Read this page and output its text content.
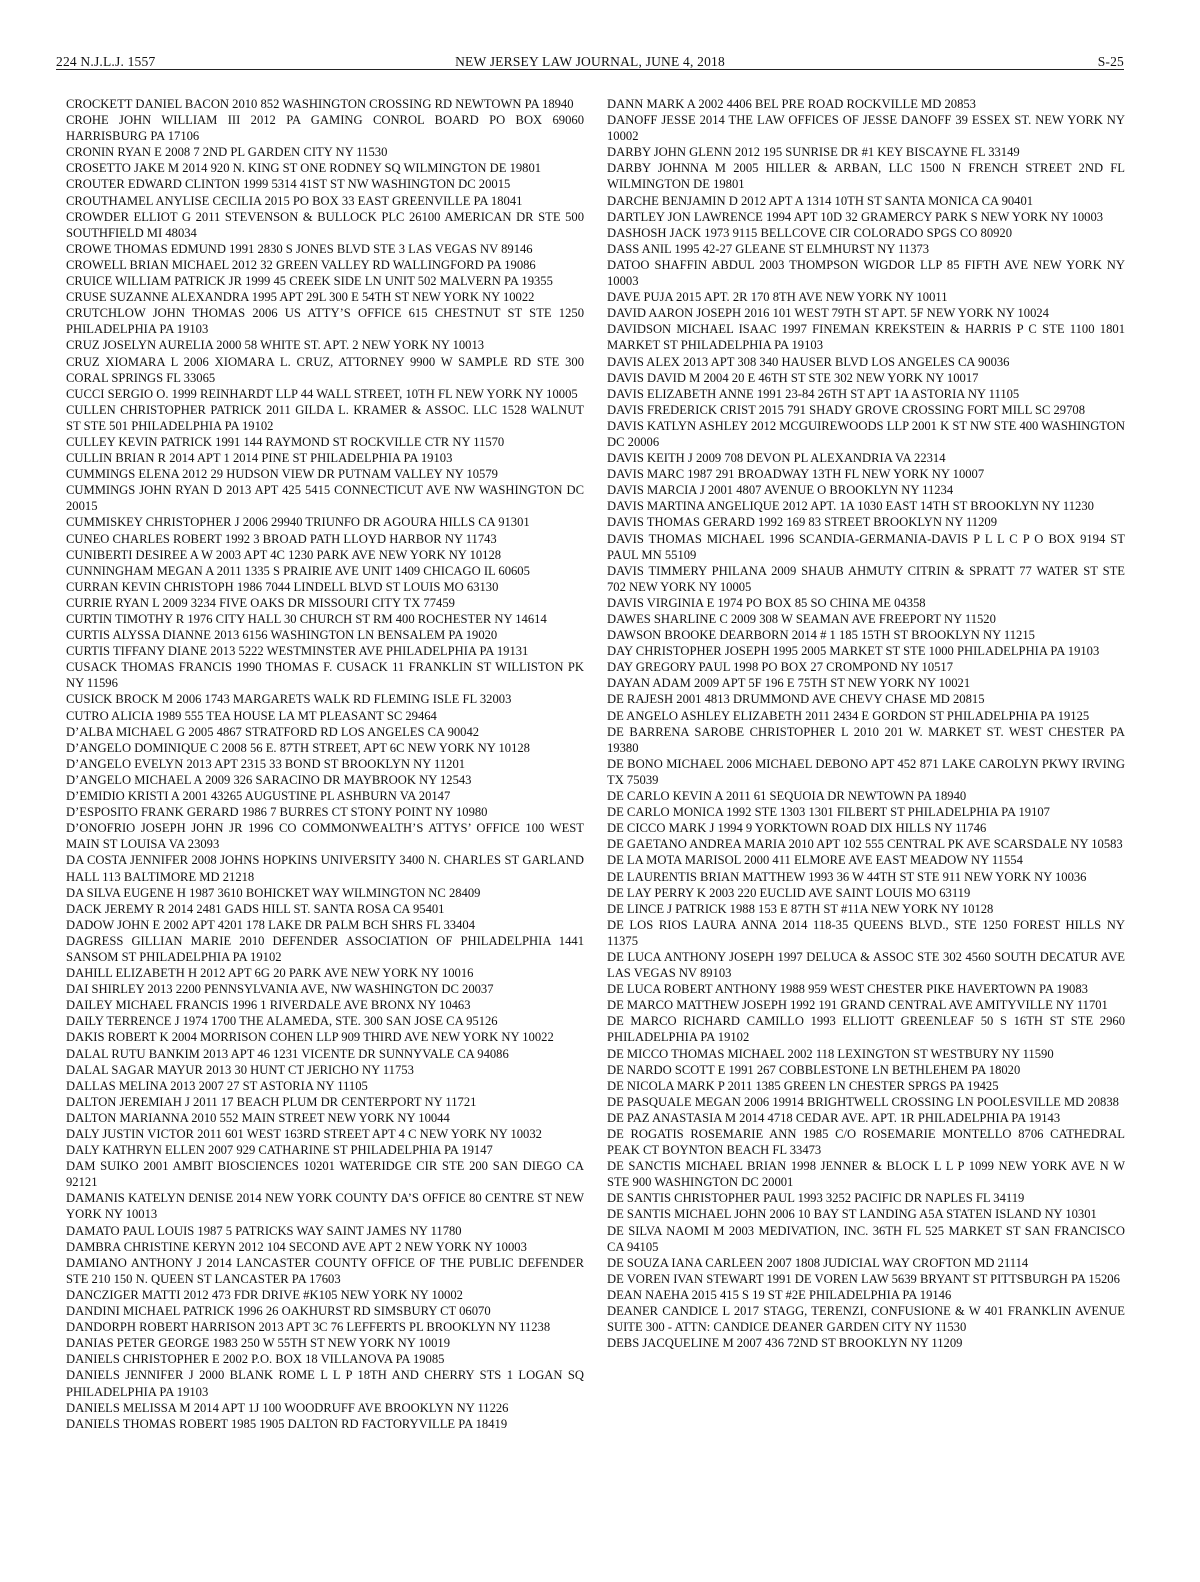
224 N.J.L.J. 1557	NEW JERSEY LAW JOURNAL, JUNE 4, 2018	S-25

CROCKETT DANIEL BACON 2010 852 WASHINGTON CROSSING RD NEWTOWN PA 18940

CROHE JOHN WILLIAM III 2012 PA GAMING CONROL BOARD PO BOX 69060 HARRISBURG PA 17106

CRONIN RYAN E 2008 7 2ND PL GARDEN CITY NY 11530

CROSETTO JAKE M 2014 920 N. KING ST ONE RODNEY SQ WILMINGTON DE 19801

CROUTER EDWARD CLINTON 1999 5314 41ST ST NW WASHINGTON DC 20015

CROUTHAMEL ANYLISE CECILIA 2015 PO BOX 33 EAST GREENVILLE PA 18041

CROWDER ELLIOT G 2011 STEVENSON & BULLOCK PLC 26100 AMERICAN DR STE 500 SOUTHFIELD MI 48034

CROWE THOMAS EDMUND 1991 2830 S JONES BLVD STE 3 LAS VEGAS NV 89146

CROWELL BRIAN MICHAEL 2012 32 GREEN VALLEY RD WALLINGFORD PA 19086

CRUICE WILLIAM PATRICK JR 1999 45 CREEK SIDE LN UNIT 502 MALVERN PA 19355

CRUSE SUZANNE ALEXANDRA 1995 APT 29L 300 E 54TH ST NEW YORK NY 10022

CRUTCHLOW JOHN THOMAS 2006 US ATTY’S OFFICE 615 CHESTNUT ST STE 1250 PHILADELPHIA PA 19103

CRUZ JOSELYN AURELIA 2000 58 WHITE ST. APT. 2 NEW YORK NY 10013

CRUZ XIOMARA L 2006 XIOMARA L. CRUZ, ATTORNEY 9900 W SAMPLE RD STE 300 CORAL SPRINGS FL 33065

CUCCI SERGIO O. 1999 REINHARDT LLP 44 WALL STREET, 10TH FL NEW YORK NY 10005

CULLEN CHRISTOPHER PATRICK 2011 GILDA L. KRAMER & ASSOC. LLC 1528 WALNUT ST STE 501 PHILADELPHIA PA 19102

CULLEY KEVIN PATRICK 1991 144 RAYMOND ST ROCKVILLE CTR NY 11570

CULLIN BRIAN R 2014 APT 1 2014 PINE ST PHILADELPHIA PA 19103

CUMMINGS ELENA 2012 29 HUDSON VIEW DR PUTNAM VALLEY NY 10579

CUMMINGS JOHN RYAN D 2013 APT 425 5415 CONNECTICUT AVE NW WASHINGTON DC 20015

CUMMISKEY CHRISTOPHER J 2006 29940 TRIUNFO DR AGOURA HILLS CA 91301

CUNEO CHARLES ROBERT 1992 3 BROAD PATH LLOYD HARBOR NY 11743

CUNIBERTI DESIREE A W 2003 APT 4C 1230 PARK AVE NEW YORK NY 10128

CUNNINGHAM MEGAN A 2011 1335 S PRAIRIE AVE UNIT 1409 CHICAGO IL 60605

CURRAN KEVIN CHRISTOPH 1986 7044 LINDELL BLVD ST LOUIS MO 63130

CURRIE RYAN L 2009 3234 FIVE OAKS DR MISSOURI CITY TX 77459

CURTIN TIMOTHY R 1976 CITY HALL 30 CHURCH ST RM 400 ROCHESTER NY 14614

CURTIS ALYSSA DIANNE 2013 6156 WASHINGTON LN BENSALEM PA 19020

CURTIS TIFFANY DIANE 2013 5222 WESTMINSTER AVE PHILADELPHIA PA 19131

CUSACK THOMAS FRANCIS 1990 THOMAS F. CUSACK 11 FRANKLIN ST WILLISTON PK NY 11596

CUSICK BROCK M 2006 1743 MARGARETS WALK RD FLEMING ISLE FL 32003

CUTRO ALICIA 1989 555 TEA HOUSE LA MT PLEASANT SC 29464

D’ALBA MICHAEL G 2005 4867 STRATFORD RD LOS ANGELES CA 90042

D’ANGELO DOMINIQUE C 2008 56 E. 87TH STREET, APT 6C NEW YORK NY 10128

D’ANGELO EVELYN 2013 APT 2315 33 BOND ST BROOKLYN NY 11201

D’ANGELO MICHAEL A 2009 326 SARACINO DR MAYBROOK NY 12543

D’EMIDIO KRISTI A 2001 43265 AUGUSTINE PL ASHBURN VA 20147

D’ESPOSITO FRANK GERARD 1986 7 BURRES CT STONY POINT NY 10980

D’ONOFRIO JOSEPH JOHN JR 1996 CO COMMONWEALTH’S ATTYS’ OFFICE 100 WEST MAIN ST LOUISA VA 23093

DA COSTA JENNIFER 2008 JOHNS HOPKINS UNIVERSITY 3400 N. CHARLES ST GARLAND HALL 113 BALTIMORE MD 21218

DA SILVA EUGENE H 1987 3610 BOHICKET WAY WILMINGTON NC 28409

DACK JEREMY R 2014 2481 GADS HILL ST. SANTA ROSA CA 95401

DADOW JOHN E 2002 APT 4201 178 LAKE DR PALM BCH SHRS FL 33404

DAGRESS GILLIAN MARIE 2010 DEFENDER ASSOCIATION OF PHILADELPHIA 1441 SANSOM ST PHILADELPHIA PA 19102

DAHILL ELIZABETH H 2012 APT 6G 20 PARK AVE NEW YORK NY 10016

DAI SHIRLEY 2013 2200 PENNSYLVANIA AVE, NW WASHINGTON DC 20037

DAILEY MICHAEL FRANCIS 1996 1 RIVERDALE AVE BRONX NY 10463

DAILY TERRENCE J 1974 1700 THE ALAMEDA, STE. 300 SAN JOSE CA 95126

DAKIS ROBERT K 2004 MORRISON COHEN LLP 909 THIRD AVE NEW YORK NY 10022

DALAL RUTU BANKIM 2013 APT 46 1231 VICENTE DR SUNNYVALE CA 94086

DALAL SAGAR MAYUR 2013 30 HUNT CT JERICHO NY 11753

DALLAS MELINA 2013 2007 27 ST ASTORIA NY 11105

DALTON JEREMIAH J 2011 17 BEACH PLUM DR CENTERPORT NY 11721

DALTON MARIANNA 2010 552 MAIN STREET NEW YORK NY 10044

DALY JUSTIN VICTOR 2011 601 WEST 163RD STREET APT 4 C NEW YORK NY 10032

DALY KATHRYN ELLEN 2007 929 CATHARINE ST PHILADELPHIA PA 19147

DAM SUIKO 2001 AMBIT BIOSCIENCES 10201 WATERIDGE CIR STE 200 SAN DIEGO CA 92121

DAMANIS KATELYN DENISE 2014 NEW YORK COUNTY DA’S OFFICE 80 CENTRE ST NEW YORK NY 10013

DAMATO PAUL LOUIS 1987 5 PATRICKS WAY SAINT JAMES NY 11780

DAMBRA CHRISTINE KERYN 2012 104 SECOND AVE APT 2 NEW YORK NY 10003

DAMIANO ANTHONY J 2014 LANCASTER COUNTY OFFICE OF THE PUBLIC DEFENDER STE 210 150 N. QUEEN ST LANCASTER PA 17603

DANCZIGER MATTI 2012 473 FDR DRIVE #K105 NEW YORK NY 10002

DANDINI MICHAEL PATRICK 1996 26 OAKHURST RD SIMSBURY CT 06070

DANDORPH ROBERT HARRISON 2013 APT 3C 76 LEFFERTS PL BROOKLYN NY 11238

DANIAS PETER GEORGE 1983 250 W 55TH ST NEW YORK NY 10019

DANIELS CHRISTOPHER E 2002 P.O. BOX 18 VILLANOVA PA 19085

DANIELS JENNIFER J 2000 BLANK ROME L L P 18TH AND CHERRY STS 1 LOGAN SQ PHILADELPHIA PA 19103

DANIELS MELISSA M 2014 APT 1J 100 WOODRUFF AVE BROOKLYN NY 11226

DANIELS THOMAS ROBERT 1985 1905 DALTON RD FACTORYVILLE PA 18419

DANN MARK A 2002 4406 BEL PRE ROAD ROCKVILLE MD 20853

DANOFF JESSE 2014 THE LAW OFFICES OF JESSE DANOFF 39 ESSEX ST. NEW YORK NY 10002

DARBY JOHN GLENN 2012 195 SUNRISE DR #1 KEY BISCAYNE FL 33149

DARBY JOHNNA M 2005 HILLER & ARBAN, LLC 1500 N FRENCH STREET 2ND FL WILMINGTON DE 19801

DARCHE BENJAMIN D 2012 APT A 1314 10TH ST SANTA MONICA CA 90401

DARTLEY JON LAWRENCE 1994 APT 10D 32 GRAMERCY PARK S NEW YORK NY 10003

DASHOSH JACK 1973 9115 BELLCOVE CIR COLORADO SPGS CO 80920

DASS ANIL 1995 42-27 GLEANE ST ELMHURST NY 11373

DATOO SHAFFIN ABDUL 2003 THOMPSON WIGDOR LLP 85 FIFTH AVE NEW YORK NY 10003

DAVE PUJA 2015 APT. 2R 170 8TH AVE NEW YORK NY 10011

DAVID AARON JOSEPH 2016 101 WEST 79TH ST APT. 5F NEW YORK NY 10024

DAVIDSON MICHAEL ISAAC 1997 FINEMAN KREKSTEIN & HARRIS P C STE 1100 1801 MARKET ST PHILADELPHIA PA 19103

DAVIS ALEX 2013 APT 308 340 HAUSER BLVD LOS ANGELES CA 90036

DAVIS DAVID M 2004 20 E 46TH ST STE 302 NEW YORK NY 10017

DAVIS ELIZABETH ANNE 1991 23-84 26TH ST APT 1A ASTORIA NY 11105

DAVIS FREDERICK CRIST 2015 791 SHADY GROVE CROSSING FORT MILL SC 29708

DAVIS KATLYN ASHLEY 2012 MCGUIREWOODS LLP 2001 K ST NW STE 400 WASHINGTON DC 20006

DAVIS KEITH J 2009 708 DEVON PL ALEXANDRIA VA 22314

DAVIS MARC 1987 291 BROADWAY 13TH FL NEW YORK NY 10007

DAVIS MARCIA J 2001 4807 AVENUE O BROOKLYN NY 11234

DAVIS MARTINA ANGELIQUE 2012 APT. 1A 1030 EAST 14TH ST BROOKLYN NY 11230

DAVIS THOMAS GERARD 1992 169 83 STREET BROOKLYN NY 11209

DAVIS THOMAS MICHAEL 1996 SCANDIA-GERMANIA-DAVIS P L L C P O BOX 9194 ST PAUL MN 55109

DAVIS TIMMERY PHILANA 2009 SHAUB AHMUTY CITRIN & SPRATT 77 WATER ST STE 702 NEW YORK NY 10005

DAVIS VIRGINIA E 1974 PO BOX 85 SO CHINA ME 04358

DAWES SHARLINE C 2009 308 W SEAMAN AVE FREEPORT NY 11520

DAWSON BROOKE DEARBORN 2014 # 1 185 15TH ST BROOKLYN NY 11215

DAY CHRISTOPHER JOSEPH 1995 2005 MARKET ST STE 1000 PHILADELPHIA PA 19103

DAY GREGORY PAUL 1998 PO BOX 27 CROMPOND NY 10517

DAYAN ADAM 2009 APT 5F 196 E 75TH ST NEW YORK NY 10021

DE RAJESH 2001 4813 DRUMMOND AVE CHEVY CHASE MD 20815

DE ANGELO ASHLEY ELIZABETH 2011 2434 E GORDON ST PHILADELPHIA PA 19125

DE BARRENA SAROBE CHRISTOPHER L 2010 201 W. MARKET ST. WEST CHESTER PA 19380

DE BONO MICHAEL 2006 MICHAEL DEBONO APT 452 871 LAKE CAROLYN PKWY IRVING TX 75039

DE CARLO KEVIN A 2011 61 SEQUOIA DR NEWTOWN PA 18940

DE CARLO MONICA 1992 STE 1303 1301 FILBERT ST PHILADELPHIA PA 19107

DE CICCO MARK J 1994 9 YORKTOWN ROAD DIX HILLS NY 11746

DE GAETANO ANDREA MARIA 2010 APT 102 555 CENTRAL PK AVE SCARSDALE NY 10583

DE LA MOTA MARISOL 2000 411 ELMORE AVE EAST MEADOW NY 11554

DE LAURENTIS BRIAN MATTHEW 1993 36 W 44TH ST STE 911 NEW YORK NY 10036

DE LAY PERRY K 2003 220 EUCLID AVE SAINT LOUIS MO 63119

DE LINCE J PATRICK 1988 153 E 87TH ST #11A NEW YORK NY 10128

DE LOS RIOS LAURA ANNA 2014 118-35 QUEENS BLVD., STE 1250 FOREST HILLS NY 11375

DE LUCA ANTHONY JOSEPH 1997 DELUCA & ASSOC STE 302 4560 SOUTH DECATUR AVE LAS VEGAS NV 89103

DE LUCA ROBERT ANTHONY 1988 959 WEST CHESTER PIKE HAVERTOWN PA 19083

DE MARCO MATTHEW JOSEPH 1992 191 GRAND CENTRAL AVE AMITYVILLE NY 11701

DE MARCO RICHARD CAMILLO 1993 ELLIOTT GREENLEAF 50 S 16TH ST STE 2960 PHILADELPHIA PA 19102

DE MICCO THOMAS MICHAEL 2002 118 LEXINGTON ST WESTBURY NY 11590

DE NARDO SCOTT E 1991 267 COBBLESTONE LN BETHLEHEM PA 18020

DE NICOLA MARK P 2011 1385 GREEN LN CHESTER SPRGS PA 19425

DE PASQUALE MEGAN 2006 19914 BRIGHTWELL CROSSING LN POOLESVILLE MD 20838

DE PAZ ANASTASIA M 2014 4718 CEDAR AVE. APT. 1R PHILADELPHIA PA 19143

DE ROGATIS ROSEMARIE ANN 1985 C/O ROSEMARIE MONTELLO 8706 CATHEDRAL PEAK CT BOYNTON BEACH FL 33473

DE SANCTIS MICHAEL BRIAN 1998 JENNER & BLOCK L L P 1099 NEW YORK AVE N W STE 900 WASHINGTON DC 20001

DE SANTIS CHRISTOPHER PAUL 1993 3252 PACIFIC DR NAPLES FL 34119

DE SANTIS MICHAEL JOHN 2006 10 BAY ST LANDING A5A STATEN ISLAND NY 10301

DE SILVA NAOMI M 2003 MEDIVATION, INC. 36TH FL 525 MARKET ST SAN FRANCISCO CA 94105

DE SOUZA IANA CARLEEN 2007 1808 JUDICIAL WAY CROFTON MD 21114

DE VOREN IVAN STEWART 1991 DE VOREN LAW 5639 BRYANT ST PITTSBURGH PA 15206

DEAN NAEHA 2015 415 S 19 ST #2E PHILADELPHIA PA 19146

DEANER CANDICE L 2017 STAGG, TERENZI, CONFUSIONE & W 401 FRANKLIN AVENUE SUITE 300 - ATTN: CANDICE DEANER GARDEN CITY NY 11530

DEBS JACQUELINE M 2007 436 72ND ST BROOKLYN NY 11209
